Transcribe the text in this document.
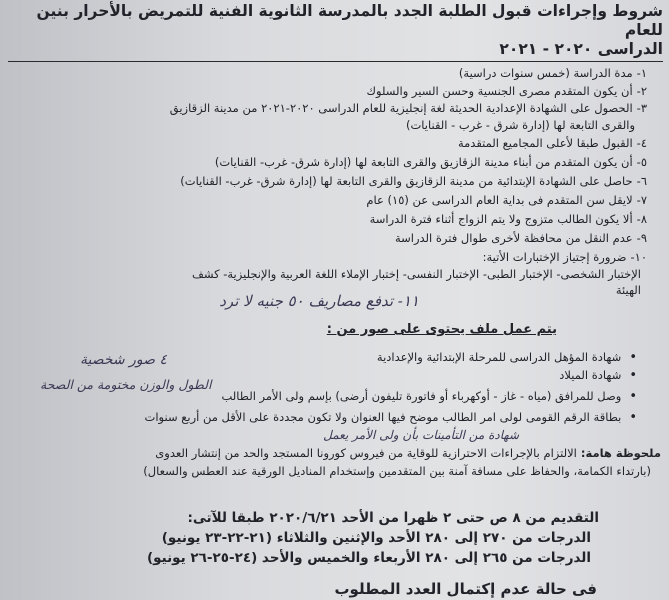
شروط وإجراءات قبول الطلبة الجدد بالمدرسة الثانوية الفنية للتمريض بالأحرار بنين للعام
الدراسى ٢٠٢٠ - ٢٠٢١
١-مدة الدراسة (خمس سنوات دراسية)
٢-أن يكون المتقدم مصرى الجنسية وحسن السير والسلوك
٣-الحصول على الشهادة الإعدادية الحديثة لغة إنجليزية للعام الدراسى ٢٠٢٠-٢٠٢١ من مدينة الزقازيق
والقرى التابعة لها (إدارة شرق - غرب - القنايات)
٤-القبول طبقا لأعلى المجاميع المتقدمة
٥-أن يكون المتقدم من أبناء مدينة الزقازيق والقرى التابعة لها (إدارة شرق- غرب- القنايات)
٦-حاصل على الشهادة الإبتدائية من مدينة الزقازيق والقرى التابعة لها (إدارة شرق- غرب- القنايات)
٧-لايقل سن المتقدم فى بداية العام الدراسى عن (١٥) عام
٨-ألا يكون الطالب متزوج ولا يتم الزواج أثناء فترة الدراسة
٩-عدم النقل من محافظة لأخرى طوال فترة الدراسة
١٠-ضرورة إجتياز الإختبارات الأتية:
الإختبار الشخصى- الإختبار الطبى- الإختبار النفسى- إختبار الإملاء اللغة العربية والإنجليزية- كشف
الهيئة
١١- تدفع مصاريف ٥٠ جنيه لا ترد
يتم عمل ملف يحتوى على صور من :
• شهادة المؤهل الدراسى للمرحلة الإبتدائية والإعدادية
• شهادة الميلاد
• وصل للمرافق (مياه - غاز - أوكهرباء أو فاتورة تليفون أرضى) بإسم ولى الأمر الطالب
• بطاقة الرقم القومى لولى امر الطالب موضح فيها العنوان ولا تكون مجددة على الأقل من أربع سنوات
٤ صور شخصية
الطول والوزن مختومة من الصحة
شهادة من التأمينات بأن ولى الأمر يعمل
ملحوظة هامة: الالتزام بالإجراءات الاحترازية للوقاية من فيروس كورونا المستجد والحد من إنتشار العدوى
(بارتداء الكمامة، والحفاظ على مسافة آمنة بين المتقدمين وإستخدام المناديل الورقية عند العطس والسعال)
التقديم من ٨ ص حتى ٢ ظهرا من الأحد ٢٠٢٠/٦/٢١ طبقا للآتى:
الدرجات من ٢٧٠ إلى ٢٨٠ الأحد والإثنين والثلاثاء (٢١-٢٢-٢٣ يونيو)
الدرجات من ٢٦٥ إلى ٢٨٠ الأربعاء والخميس والأحد (٢٤-٢٥-٢٦ يونيو)
فى حالة عدم إكتمال العدد المطلوب
